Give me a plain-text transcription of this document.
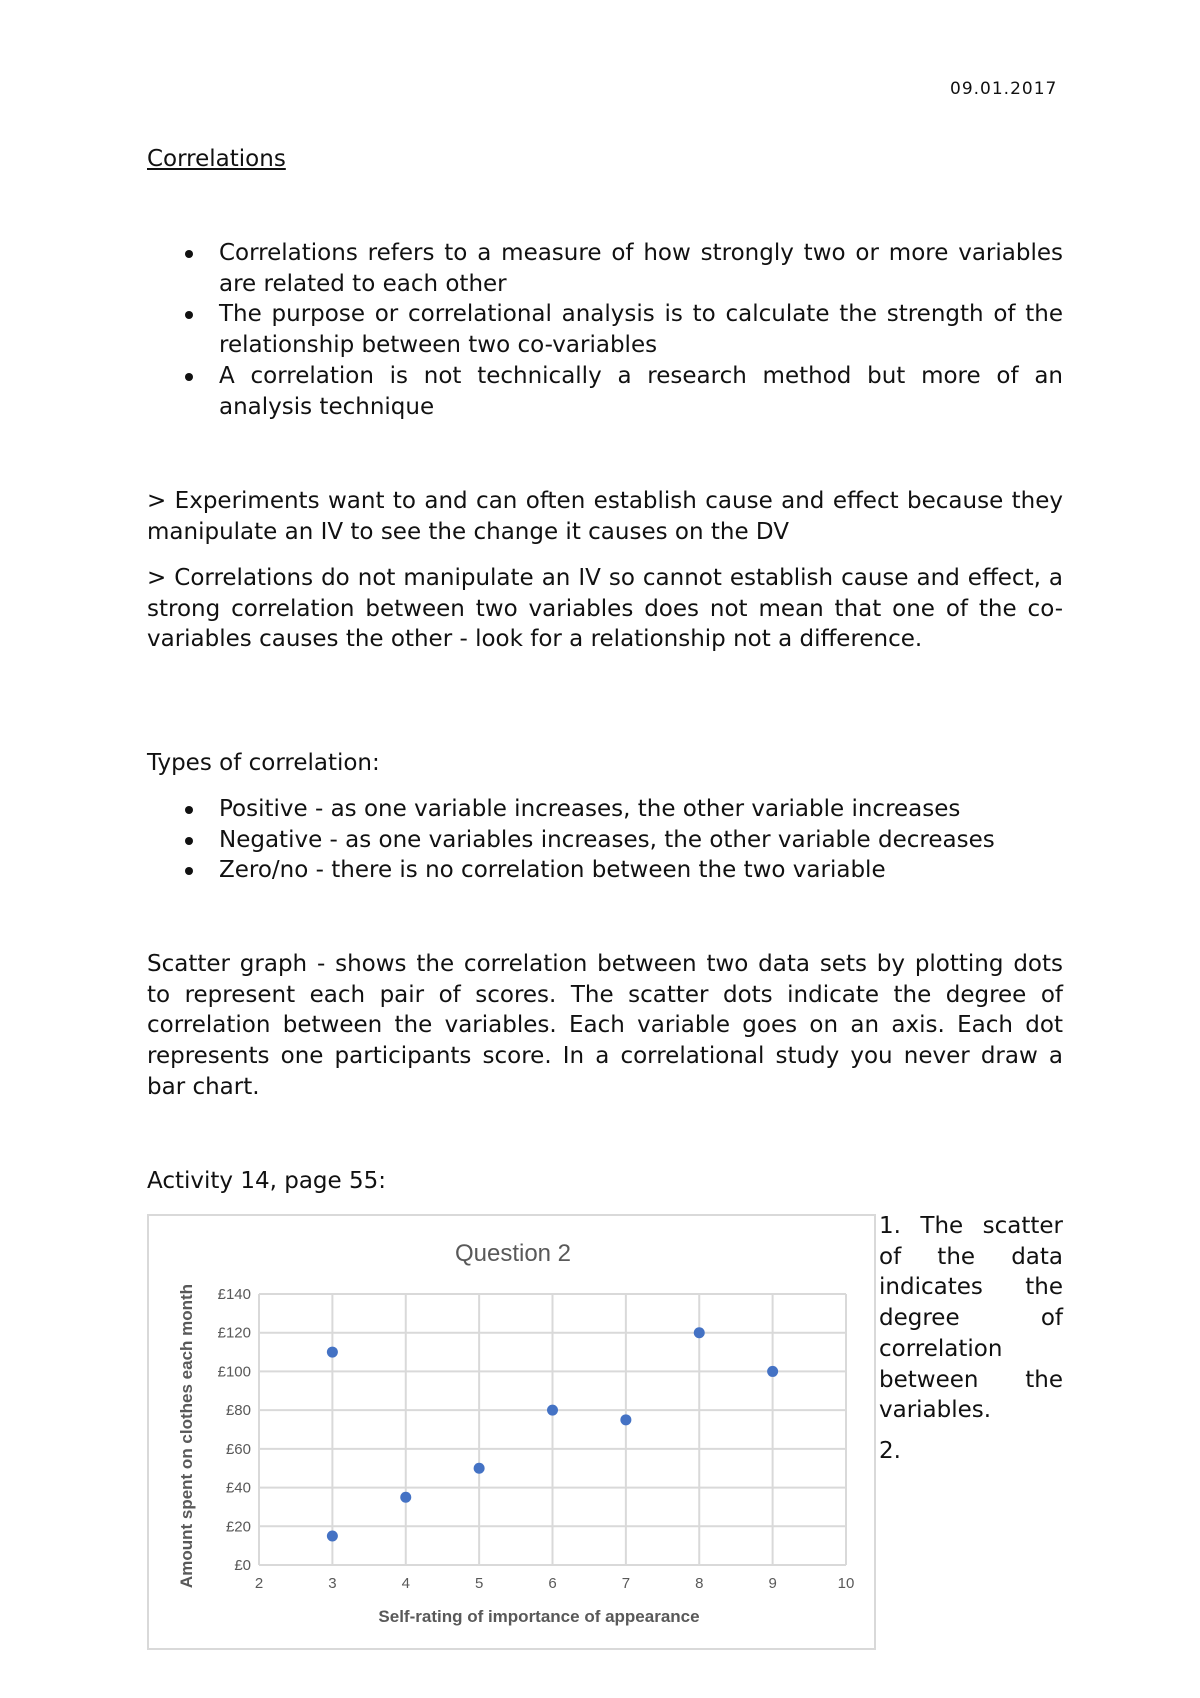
09.01.2017
Correlations
Correlations refers to a measure of how strongly two or more variables are related to each other
The purpose or correlational analysis is to calculate the strength of the relationship between two co-variables
A correlation is not technically a research method but more of an analysis technique

> Experiments want to and can often establish cause and effect because they manipulate an IV to see the change it causes on the DV

> Correlations do not manipulate an IV so cannot establish cause and effect, a strong correlation between two variables does not mean that one of the co-variables causes the other - look for a relationship not a difference.

Types of correlation:
Positive - as one variable increases, the other variable increases
Negative - as one variables increases, the other variable decreases
Zero/no - there is no correlation between the two variable

Scatter graph - shows the correlation between two data sets by plotting dots to represent each pair of scores. The scatter dots indicate the degree of correlation between the variables. Each variable goes on an axis. Each dot represents one participants score. In a correlational study you never draw a bar chart.

Activity 14, page 55:
Question 2
Self-rating of importance of appearance
Amount spent on clothes each month	2	3	4	5	6	7	8	9	10
£0
£20
£40
£60
£80
£100
£120
£140

1. The scatter of the data indicates the degree of correlation between the variables.

2.
